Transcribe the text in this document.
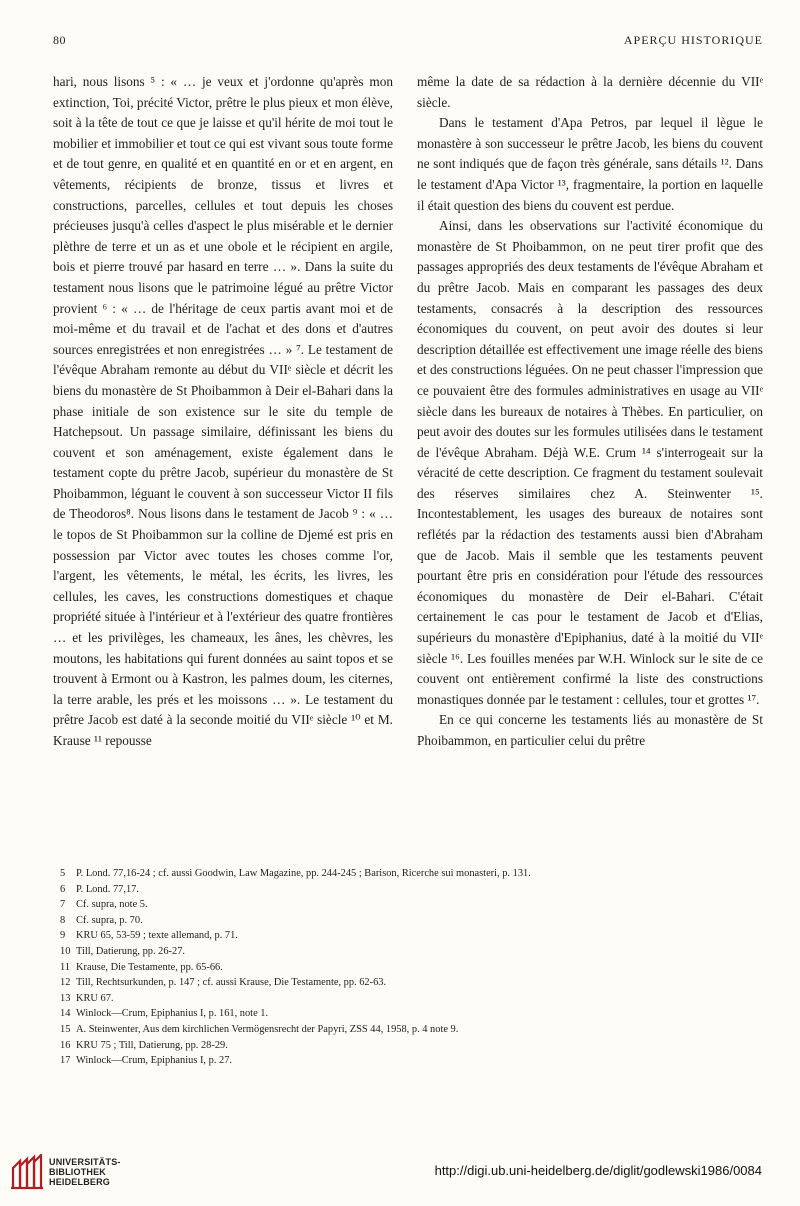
80	APERÇU HISTORIQUE

hari, nous lisons ⁵ : « … je veux et j'ordonne qu'après mon extinction, Toi, précité Victor, prêtre le plus pieux et mon élève, soit à la tête de tout ce que je laisse et qu'il hérite de moi tout le mobilier et immobilier et tout ce qui est vivant sous toute forme et de tout genre, en qualité et en quantité en or et en argent, en vêtements, récipients de bronze, tissus et livres et constructions, parcelles, cellules et tout depuis les choses précieuses jusqu'à celles d'aspect le plus misérable et le dernier plèthre de terre et un as et une obole et le récipient en argile, bois et pierre trouvé par hasard en terre … ». Dans la suite du testament nous lisons que le patrimoine légué au prêtre Victor provient ⁶ : « … de l'héritage de ceux partis avant moi et de moi-même et du travail et de l'achat et des dons et d'autres sources enregistrées et non enregistrées … » ⁷. Le testament de l'évêque Abraham remonte au début du VIIᵉ siècle et décrit les biens du monastère de St Phoibammon à Deir el-Bahari dans la phase initiale de son existence sur le site du temple de Hatchepsout. Un passage similaire, définissant les biens du couvent et son aménagement, existe également dans le testament copte du prêtre Jacob, supérieur du monastère de St Phoibammon, léguant le couvent à son successeur Victor II fils de Theodoros⁸. Nous lisons dans le testament de Jacob ⁹ : « … le topos de St Phoibammon sur la colline de Djemé est pris en possession par Victor avec toutes les choses comme l'or, l'argent, les vêtements, le métal, les écrits, les livres, les cellules, les caves, les constructions domestiques et chaque propriété située à l'intérieur et à l'extérieur des quatre frontières … et les privilèges, les chameaux, les ânes, les chèvres, les moutons, les habitations qui furent données au saint topos et se trouvent à Ermont ou à Kastron, les palmes doum, les citernes, la terre arable, les prés et les moissons … ». Le testament du prêtre Jacob est daté à la seconde moitié du VIIᵉ siècle ¹⁰ et M. Krause ¹¹ repousse

même la date de sa rédaction à la dernière décennie du VIIᵉ siècle.

Dans le testament d'Apa Petros, par lequel il lègue le monastère à son successeur le prêtre Jacob, les biens du couvent ne sont indiqués que de façon très générale, sans détails ¹². Dans le testament d'Apa Victor ¹³, fragmentaire, la portion en laquelle il était question des biens du couvent est perdue.

Ainsi, dans les observations sur l'activité économique du monastère de St Phoibammon, on ne peut tirer profit que des passages appropriés des deux testaments de l'évêque Abraham et du prêtre Jacob. Mais en comparant les passages des deux testaments, consacrés à la description des ressources économiques du couvent, on peut avoir des doutes si leur description détaillée est effectivement une image réelle des biens et des constructions léguées. On ne peut chasser l'impression que ce pouvaient être des formules administratives en usage au VIIᵉ siècle dans les bureaux de notaires à Thèbes. En particulier, on peut avoir des doutes sur les formules utilisées dans le testament de l'évêque Abraham. Déjà W.E. Crum ¹⁴ s'interrogeait sur la véracité de cette description. Ce fragment du testament soulevait des réserves similaires chez A. Steinwenter ¹⁵. Incontestablement, les usages des bureaux de notaires sont reflétés par la rédaction des testaments aussi bien d'Abraham que de Jacob. Mais il semble que les testaments peuvent pourtant être pris en considération pour l'étude des ressources économiques du monastère de Deir el-Bahari. C'était certainement le cas pour le testament de Jacob et d'Elias, supérieurs du monastère d'Epiphanius, daté à la moitié du VIIᵉ siècle ¹⁶. Les fouilles menées par W.H. Winlock sur le site de ce couvent ont entièrement confirmé la liste des constructions monastiques donnée par le testament : cellules, tour et grottes ¹⁷.

En ce qui concerne les testaments liés au monastère de St Phoibammon, en particulier celui du prêtre

5 P. Lond. 77,16-24 ; cf. aussi Goodwin, Law Magazine, pp. 244-245 ; Barison, Ricerche sui monasteri, p. 131.
6 P. Lond. 77,17.
7 Cf. supra, note 5.
8 Cf. supra, p. 70.
9 KRU 65, 53-59 ; texte allemand, p. 71.
10 Till, Datierung, pp. 26-27.
11 Krause, Die Testamente, pp. 65-66.
12 Till, Rechtsurkunden, p. 147 ; cf. aussi Krause, Die Testamente, pp. 62-63.
13 KRU 67.
14 Winlock—Crum, Epiphanius I, p. 161, note 1.
15 A. Steinwenter, Aus dem kirchlichen Vermögensrecht der Papyri, ZSS 44, 1958, p. 4 note 9.
16 KRU 75 ; Till, Datierung, pp. 28-29.
17 Winlock—Crum, Epiphanius I, p. 27.
UNIVERSITÄTS-
BIBLIOTHEK
HEIDELBERG
http://digi.ub.uni-heidelberg.de/diglit/godlewski1986/0084
